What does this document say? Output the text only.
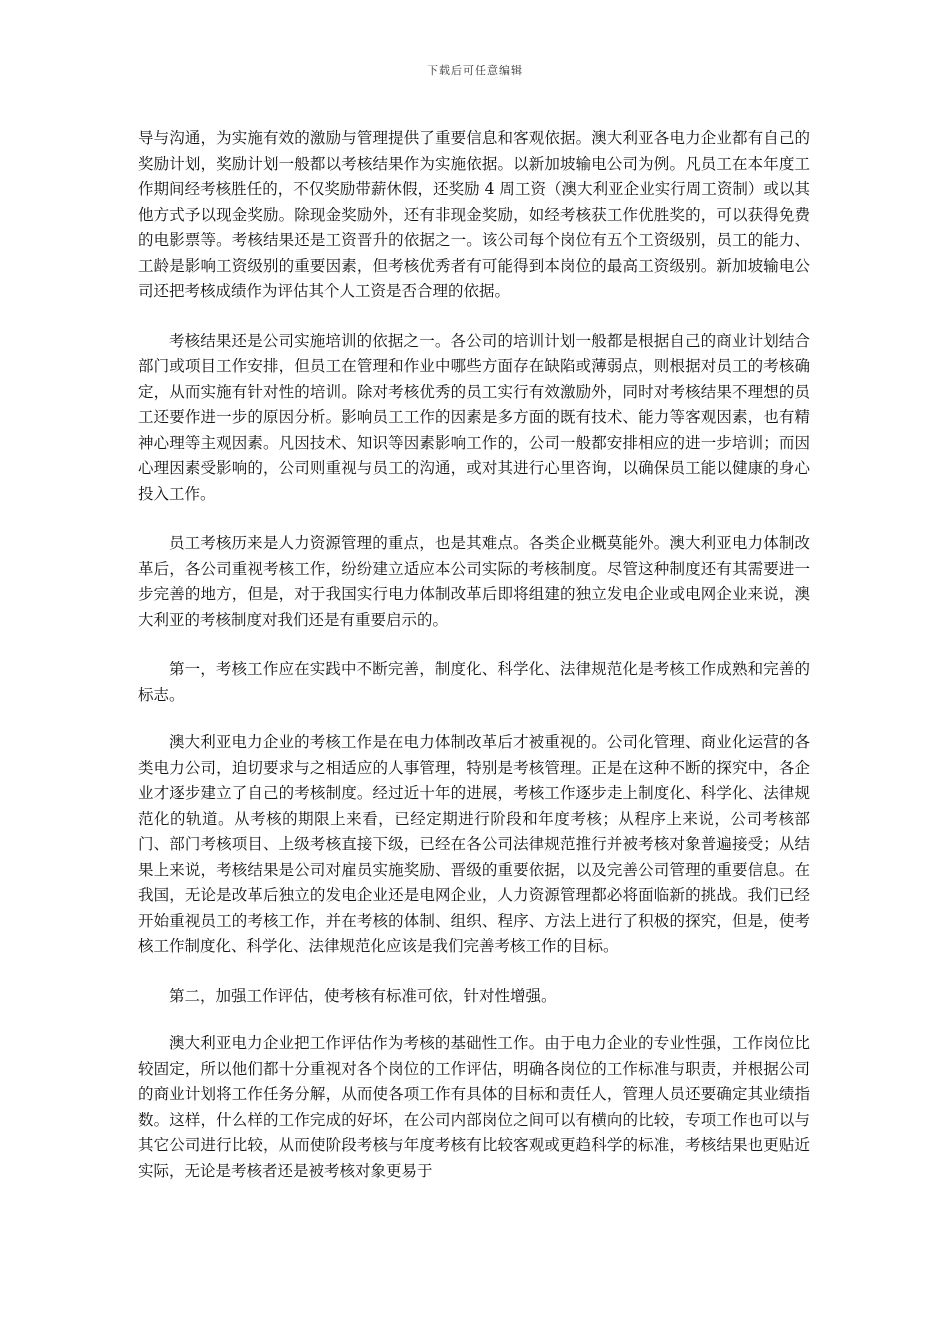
下载后可任意编辑

导与沟通，为实施有效的激励与管理提供了重要信息和客观依据。澳大利亚各电力企业都有自己的奖励计划，奖励计划一般都以考核结果作为实施依据。以新加坡输电公司为例。凡员工在本年度工作期间经考核胜任的，不仅奖励带薪休假，还奖励 4 周工资（澳大利亚企业实行周工资制）或以其他方式予以现金奖励。除现金奖励外，还有非现金奖励，如经考核获工作优胜奖的，可以获得免费的电影票等。考核结果还是工资晋升的依据之一。该公司每个岗位有五个工资级别，员工的能力、工龄是影响工资级别的重要因素，但考核优秀者有可能得到本岗位的最高工资级别。新加坡输电公司还把考核成绩作为评估其个人工资是否合理的依据。

考核结果还是公司实施培训的依据之一。各公司的培训计划一般都是根据自己的商业计划结合部门或项目工作安排，但员工在管理和作业中哪些方面存在缺陷或薄弱点，则根据对员工的考核确定，从而实施有针对性的培训。除对考核优秀的员工实行有效激励外，同时对考核结果不理想的员工还要作进一步的原因分析。影响员工工作的因素是多方面的既有技术、能力等客观因素，也有精神心理等主观因素。凡因技术、知识等因素影响工作的，公司一般都安排相应的进一步培训；而因心理因素受影响的，公司则重视与员工的沟通，或对其进行心里咨询，以确保员工能以健康的身心投入工作。

员工考核历来是人力资源管理的重点，也是其难点。各类企业概莫能外。澳大利亚电力体制改革后，各公司重视考核工作，纷纷建立适应本公司实际的考核制度。尽管这种制度还有其需要进一步完善的地方，但是，对于我国实行电力体制改革后即将组建的独立发电企业或电网企业来说，澳大利亚的考核制度对我们还是有重要启示的。

第一，考核工作应在实践中不断完善，制度化、科学化、法律规范化是考核工作成熟和完善的标志。

澳大利亚电力企业的考核工作是在电力体制改革后才被重视的。公司化管理、商业化运营的各类电力公司，迫切要求与之相适应的人事管理，特别是考核管理。正是在这种不断的探究中，各企业才逐步建立了自己的考核制度。经过近十年的进展，考核工作逐步走上制度化、科学化、法律规范化的轨道。从考核的期限上来看，已经定期进行阶段和年度考核；从程序上来说，公司考核部门、部门考核项目、上级考核直接下级，已经在各公司法律规范推行并被考核对象普遍接受；从结果上来说，考核结果是公司对雇员实施奖励、晋级的重要依据，以及完善公司管理的重要信息。在我国，无论是改革后独立的发电企业还是电网企业，人力资源管理都必将面临新的挑战。我们已经开始重视员工的考核工作，并在考核的体制、组织、程序、方法上进行了积极的探究，但是，使考核工作制度化、科学化、法律规范化应该是我们完善考核工作的目标。

第二，加强工作评估，使考核有标准可依，针对性增强。

澳大利亚电力企业把工作评估作为考核的基础性工作。由于电力企业的专业性强，工作岗位比较固定，所以他们都十分重视对各个岗位的工作评估，明确各岗位的工作标准与职责，并根据公司的商业计划将工作任务分解，从而使各项工作有具体的目标和责任人，管理人员还要确定其业绩指数。这样，什么样的工作完成的好坏，在公司内部岗位之间可以有横向的比较，专项工作也可以与其它公司进行比较，从而使阶段考核与年度考核有比较客观或更趋科学的标准，考核结果也更贴近实际，无论是考核者还是被考核对象更易于
